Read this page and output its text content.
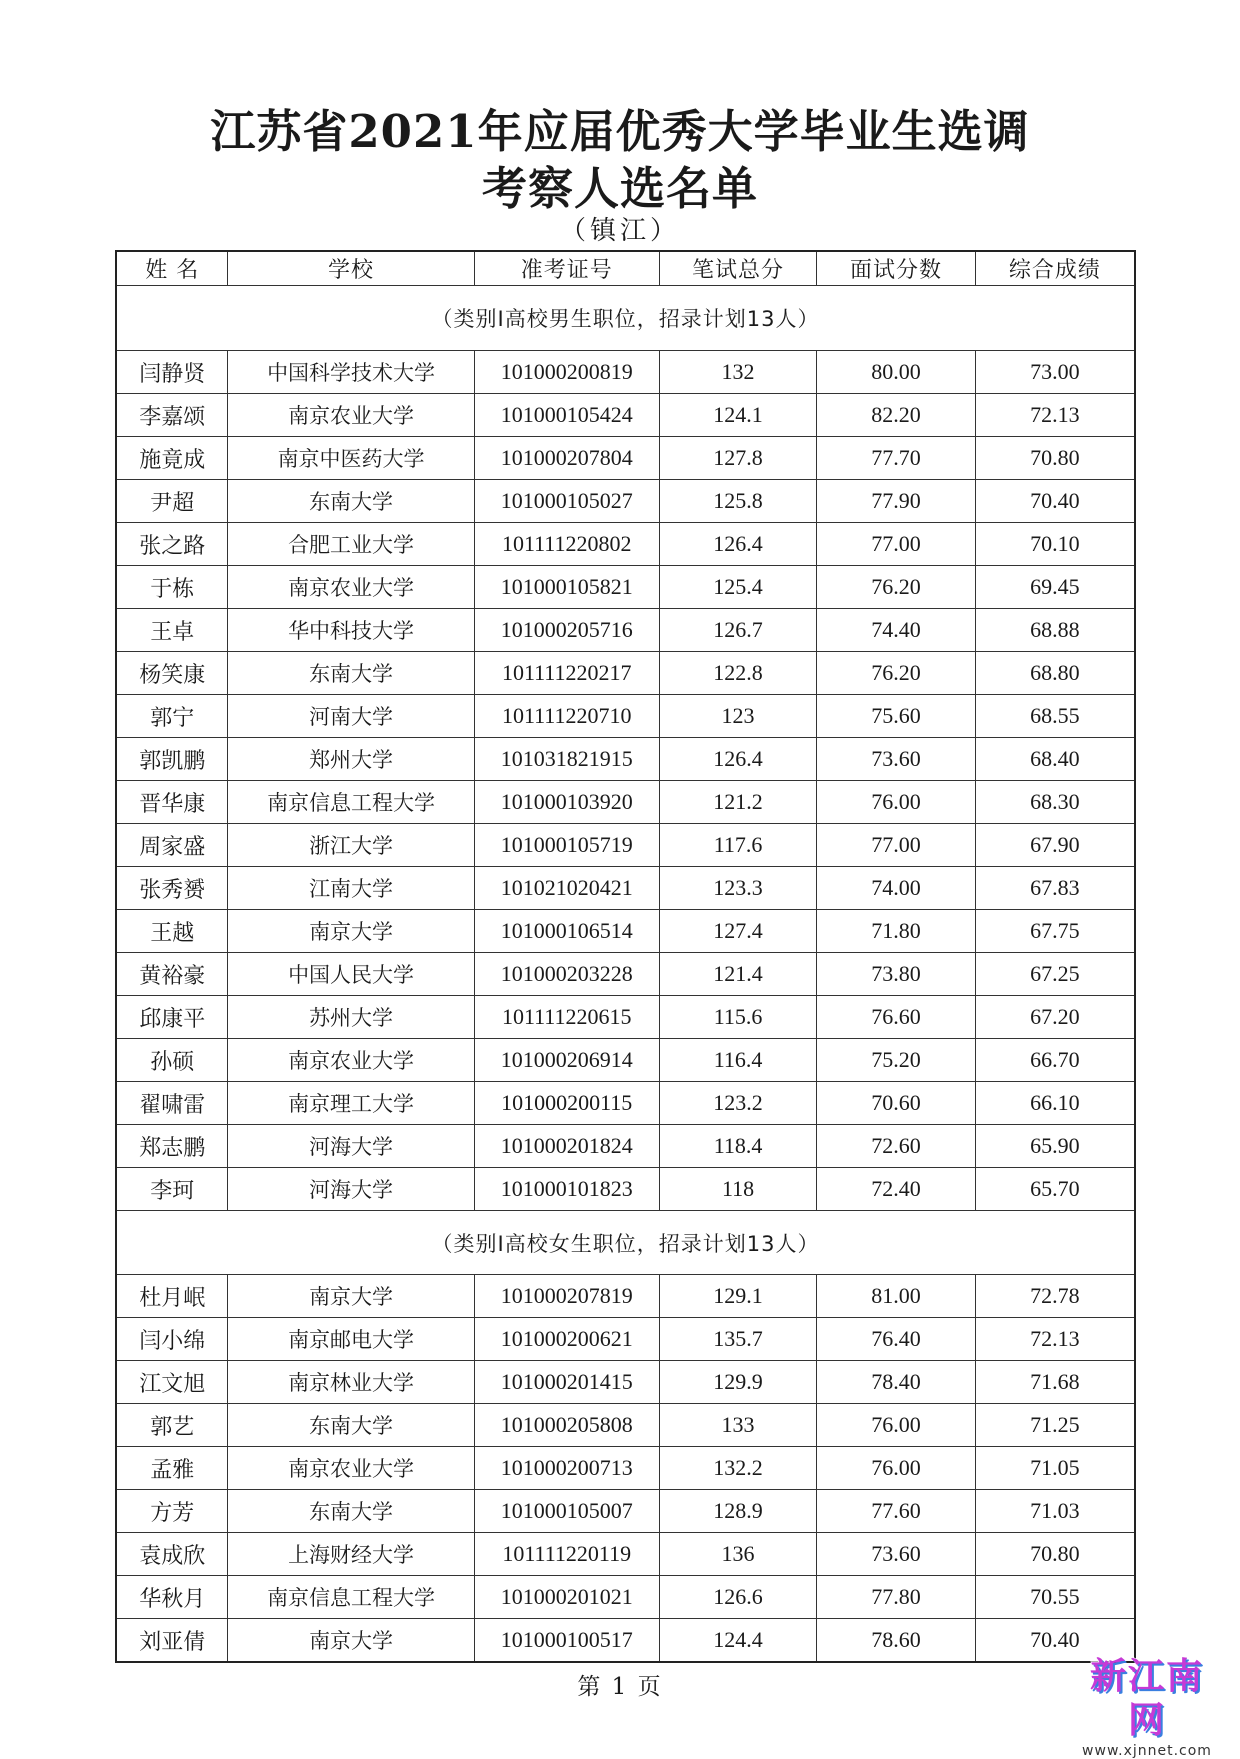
江苏省2021年应届优秀大学毕业生选调
考察人选名单
（镇江）
姓 名	学校	准考证号	笔试总分	面试分数	综合成绩
（类别I高校男生职位，招录计划13人）					
闫静贤	中国科学技术大学	101000200819	132	80.00	73.00
李嘉颂	南京农业大学	101000105424	124.1	82.20	72.13
施竟成	南京中医药大学	101000207804	127.8	77.70	70.80
尹超	东南大学	101000105027	125.8	77.90	70.40
张之路	合肥工业大学	101111220802	126.4	77.00	70.10
于栋	南京农业大学	101000105821	125.4	76.20	69.45
王卓	华中科技大学	101000205716	126.7	74.40	68.88
杨笑康	东南大学	101111220217	122.8	76.20	68.80
郭宁	河南大学	101111220710	123	75.60	68.55
郭凯鹏	郑州大学	101031821915	126.4	73.60	68.40
晋华康	南京信息工程大学	101000103920	121.2	76.00	68.30
周家盛	浙江大学	101000105719	117.6	77.00	67.90
张秀赟	江南大学	101021020421	123.3	74.00	67.83
王越	南京大学	101000106514	127.4	71.80	67.75
黄裕豪	中国人民大学	101000203228	121.4	73.80	67.25
邱康平	苏州大学	101111220615	115.6	76.60	67.20
孙硕	南京农业大学	101000206914	116.4	75.20	66.70
翟啸雷	南京理工大学	101000200115	123.2	70.60	66.10
郑志鹏	河海大学	101000201824	118.4	72.60	65.90
李珂	河海大学	101000101823	118	72.40	65.70
（类别I高校女生职位，招录计划13人）					
杜月岷	南京大学	101000207819	129.1	81.00	72.78
闫小绵	南京邮电大学	101000200621	135.7	76.40	72.13
江文旭	南京林业大学	101000201415	129.9	78.40	71.68
郭艺	东南大学	101000205808	133	76.00	71.25
孟雅	南京农业大学	101000200713	132.2	76.00	71.05
方芳	东南大学	101000105007	128.9	77.60	71.03
袁成欣	上海财经大学	101111220119	136	73.60	70.80
华秋月	南京信息工程大学	101000201021	126.6	77.80	70.55
刘亚倩	南京大学	101000100517	124.4	78.60	70.40
第 1 页	新江南网
www.xjnnet.com
